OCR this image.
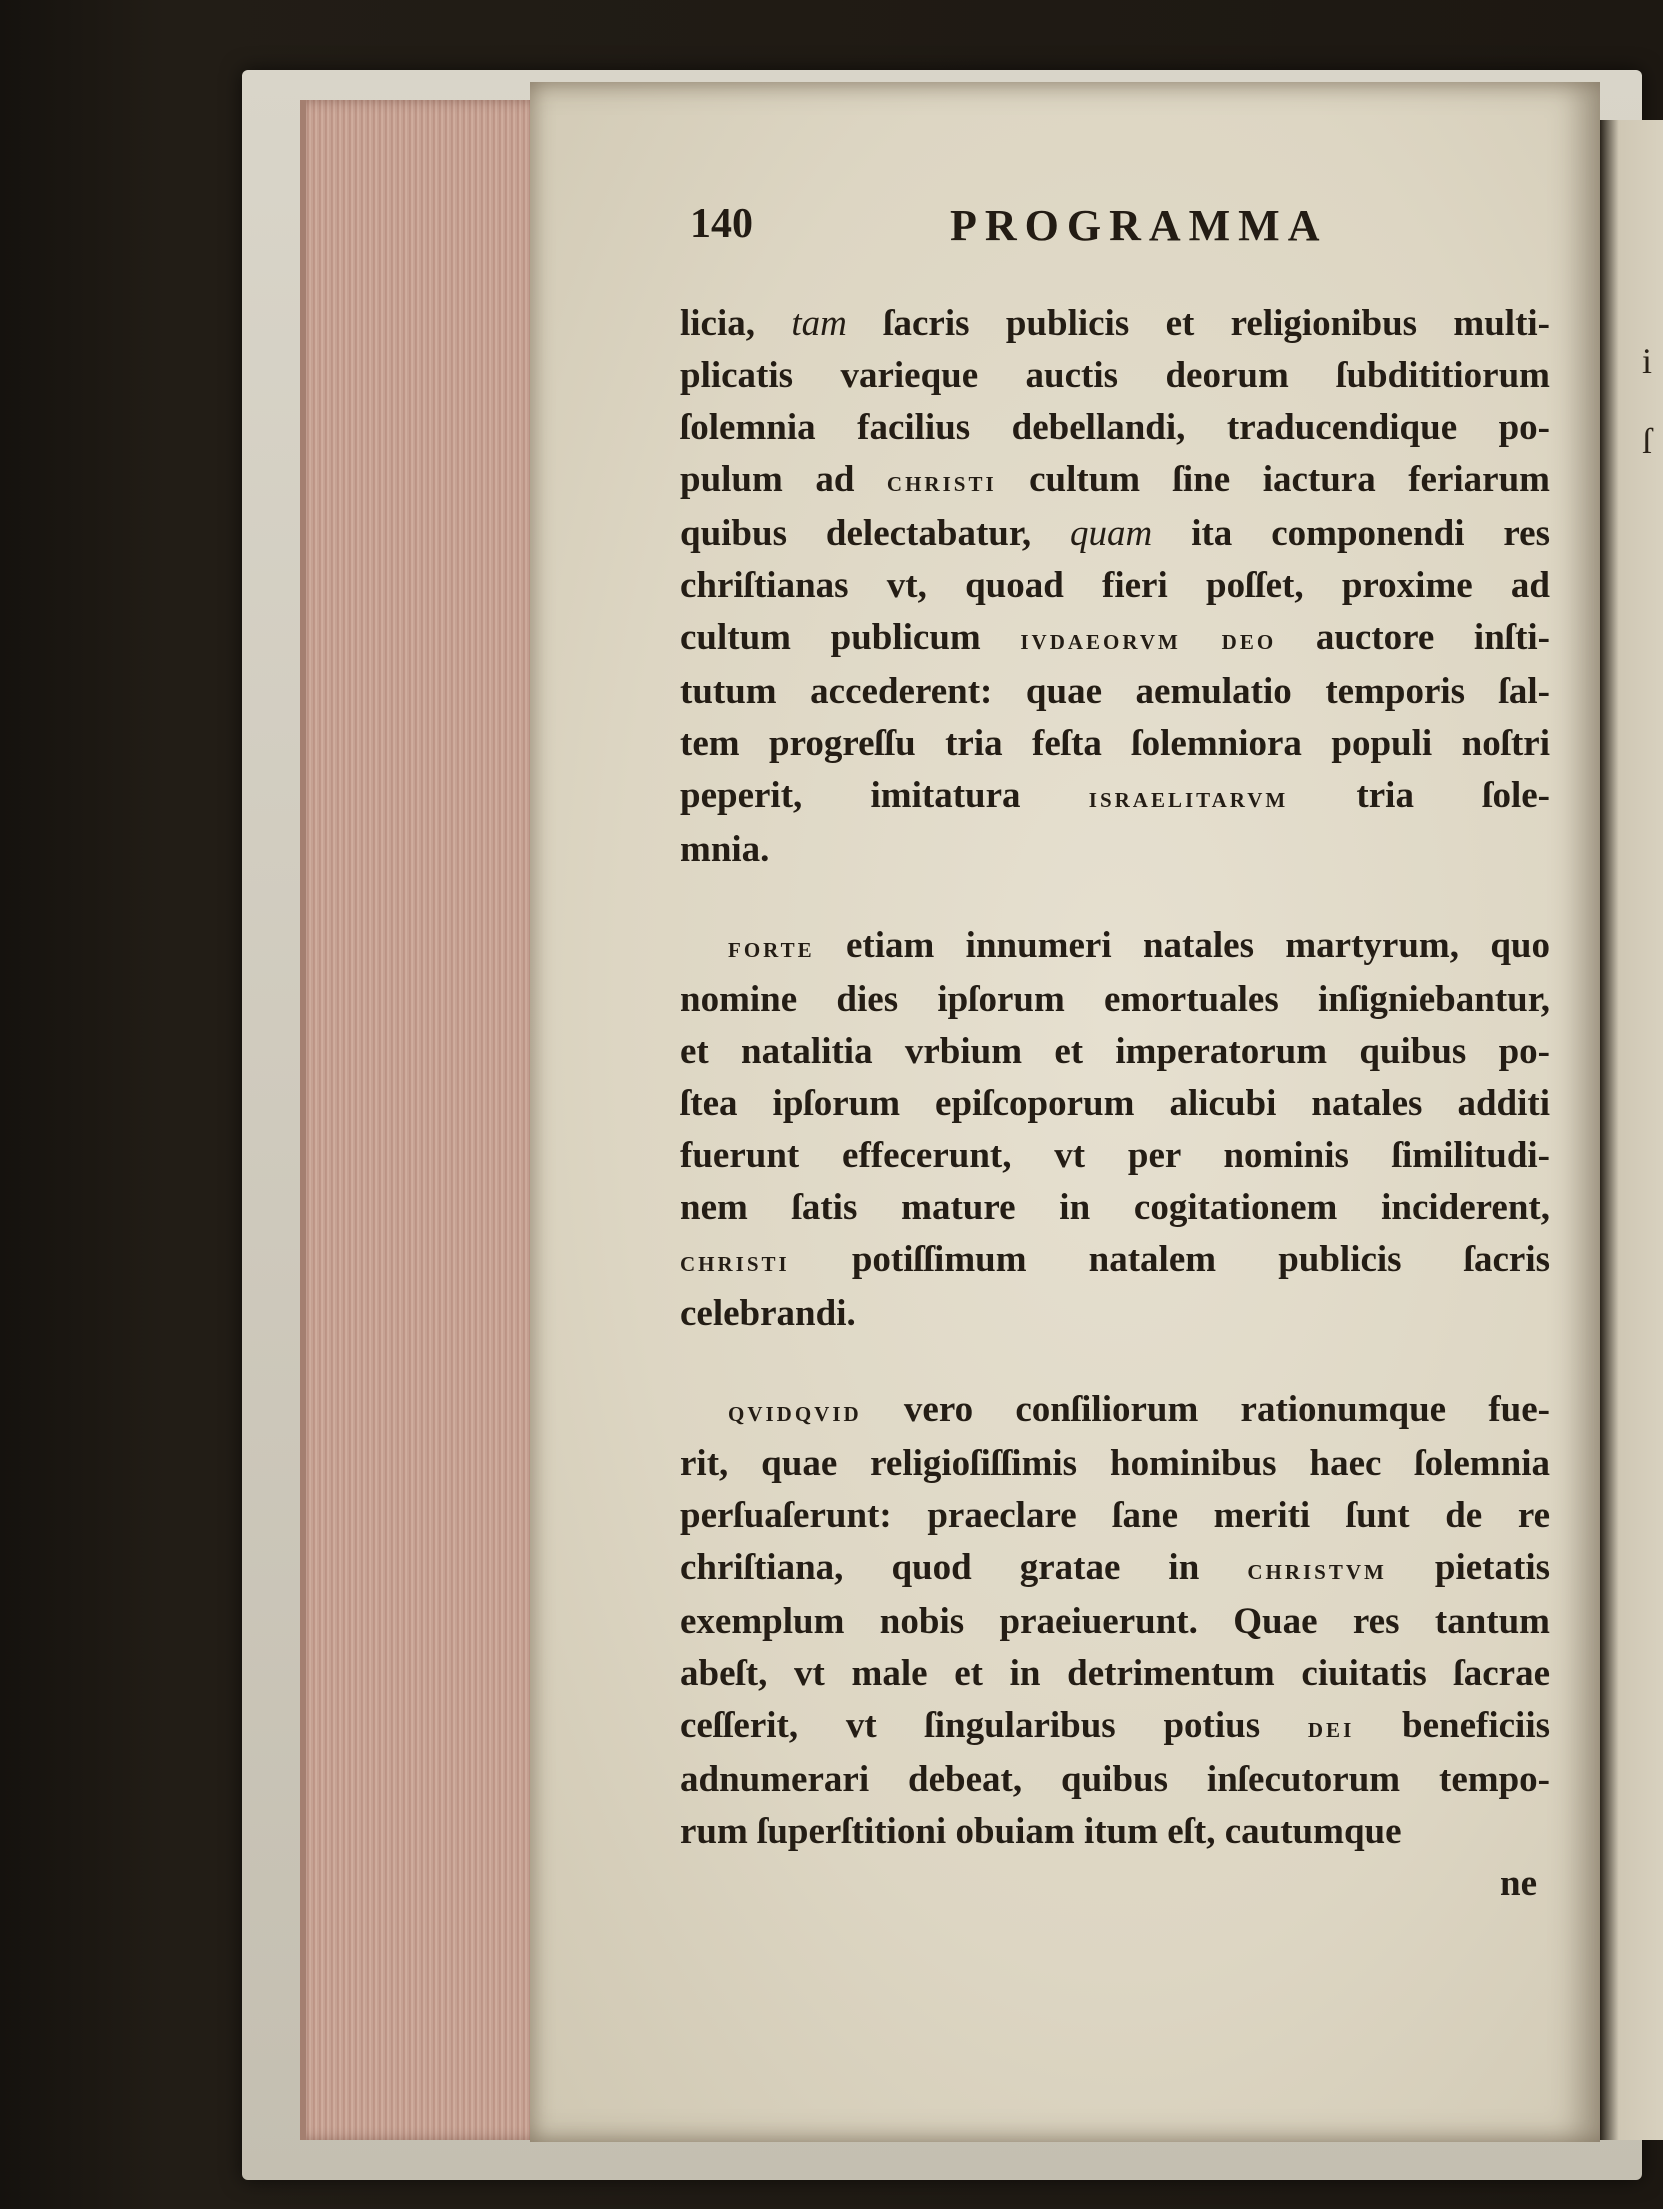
i
ſ
140	PROGRAMMA
licia, tam ſacris publicis et religionibus multi-
plicatis varieque auctis deorum ſubdititiorum
ſolemnia facilius debellandi, traducendique po-
pulum ad christi cultum ſine iactura feriarum
quibus delectabatur, quam ita componendi res
chriſtianas vt, quoad fieri poſſet, proxime ad
cultum publicum ivdaeorvm deo auctore inſti-
tutum accederent: quae aemulatio temporis ſal-
tem progreſſu tria feſta ſolemniora populi noſtri
peperit, imitatura israelitarvm tria ſole-
mnia.
forte etiam innumeri natales martyrum, quo
nomine dies ipſorum emortuales inſigniebantur,
et natalitia vrbium et imperatorum quibus po-
ſtea ipſorum epiſcoporum alicubi natales additi
fuerunt effecerunt, vt per nominis ſimilitudi-
nem ſatis mature in cogitationem inciderent,
christi potiſſimum natalem publicis ſacris
celebrandi.
qvidqvid vero conſiliorum rationumque fue-
rit, quae religioſiſſimis hominibus haec ſolemnia
perſuaſerunt: praeclare ſane meriti ſunt de re
chriſtiana, quod gratae in christvm pietatis
exemplum nobis praeiuerunt. Quae res tantum
abeſt, vt male et in detrimentum ciuitatis ſacrae
ceſſerit, vt ſingularibus potius dei beneficiis
adnumerari debeat, quibus inſecutorum tempo-
rum ſuperſtitioni obuiam itum eſt, cautumque
ne
